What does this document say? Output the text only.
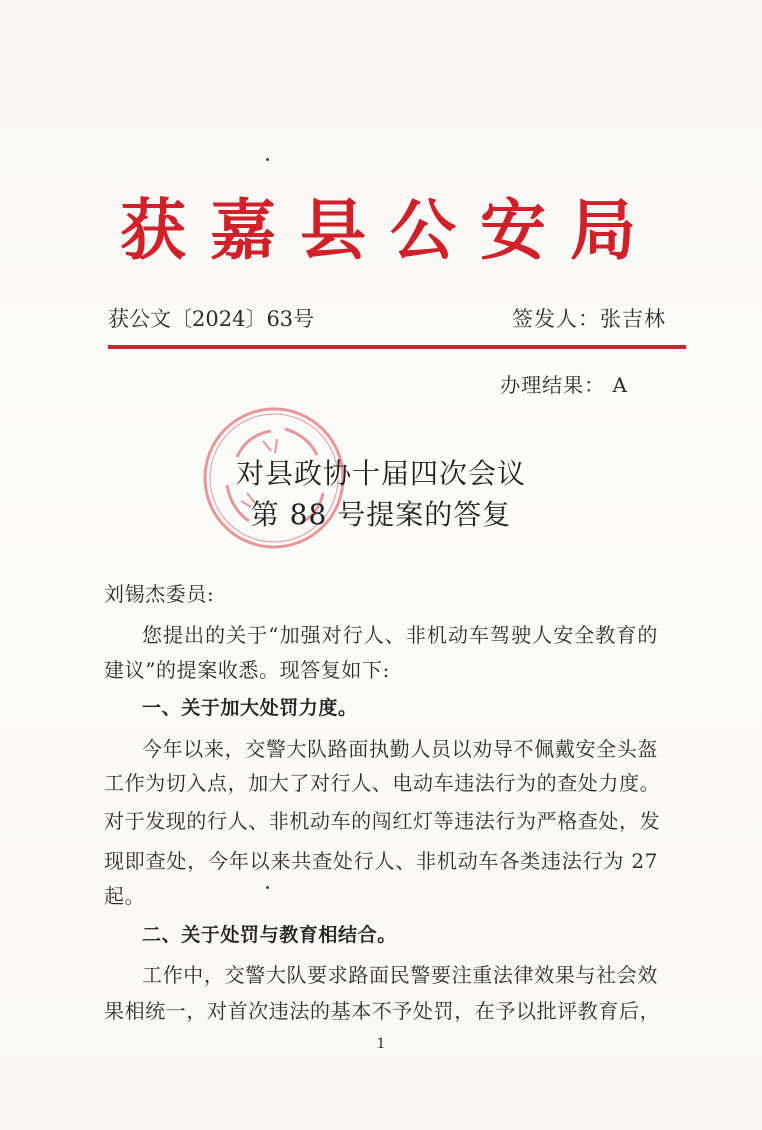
获嘉县公安局
获公文〔2024〕63号	签发人：张吉林
办理结果： A
对县政协十届四次会议
第 88 号提案的答复
刘锡杰委员:
您提出的关于“加强对行人、非机动车驾驶人安全教育的
建议”的提案收悉。现答复如下:
一、关于加大处罚力度。
今年以来，交警大队路面执勤人员以劝导不佩戴安全头盔
工作为切入点，加大了对行人、电动车违法行为的查处力度。
对于发现的行人、非机动车的闯红灯等违法行为严格查处，发
现即查处，今年以来共查处行人、非机动车各类违法行为 27
起。
二、关于处罚与教育相结合。
工作中，交警大队要求路面民警要注重法律效果与社会效
果相统一，对首次违法的基本不予处罚，在予以批评教育后，
1
